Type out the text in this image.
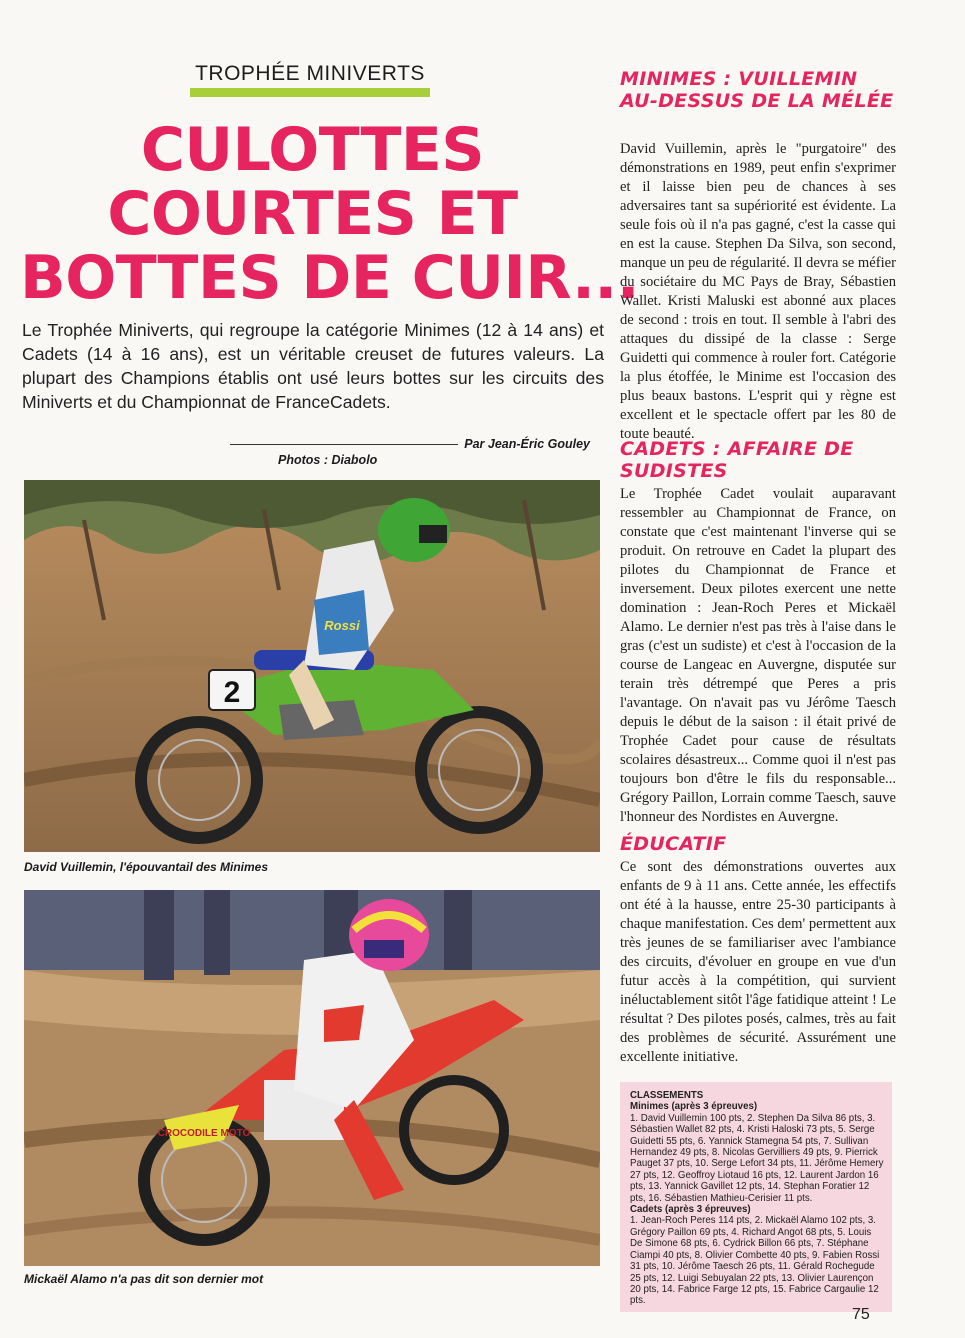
TROPHÉE MINIVERTS
CULOTTES
COURTES ET
BOTTES DE CUIR...
Le Trophée Miniverts, qui regroupe la catégorie Minimes (12 à 14 ans) et Cadets (14 à 16 ans), est un véritable creuset de futures valeurs. La plupart des Champions établis ont usé leurs bottes sur les circuits des Miniverts et du Championnat de FranceCadets.
Par Jean-Éric Gouley
Photos : Diabolo
2
Rossi
David Vuillemin, l'épouvantail des Minimes
CROCODILE MOTO
Mickaël Alamo n'a pas dit son dernier mot
MINIMES : VUILLEMIN AU-DESSUS DE LA MÉLÉE
David Vuillemin, après le "purgatoire" des démonstrations en 1989, peut enfin s'exprimer et il laisse bien peu de chances à ses adversaires tant sa supériorité est évidente. La seule fois où il n'a pas gagné, c'est la casse qui en est la cause. Stephen Da Silva, son second, manque un peu de régularité. Il devra se méfier du sociétaire du MC Pays de Bray, Sébastien Wallet. Kristi Maluski est abonné aux places de second : trois en tout. Il semble à l'abri des attaques du dissipé de la classe : Serge Guidetti qui commence à rouler fort. Catégorie la plus étoffée, le Minime est l'occasion des plus beaux bastons. L'esprit qui y règne est excellent et le spectacle offert par les 80 de toute beauté.
CADETS : AFFAIRE DE SUDISTES
Le Trophée Cadet voulait auparavant ressembler au Championnat de France, on constate que c'est maintenant l'inverse qui se produit. On retrouve en Cadet la plupart des pilotes du Championnat de France et inversement. Deux pilotes exercent une nette domination : Jean-Roch Peres et Mickaël Alamo. Le dernier n'est pas très à l'aise dans le gras (c'est un sudiste) et c'est à l'occasion de la course de Langeac en Auvergne, disputée sur terain très détrempé que Peres a pris l'avantage. On n'avait pas vu Jérôme Taesch depuis le début de la saison : il était privé de Trophée Cadet pour cause de résultats scolaires désastreux... Comme quoi il n'est pas toujours bon d'être le fils du responsable... Grégory Paillon, Lorrain comme Taesch, sauve l'honneur des Nordistes en Auvergne.
ÉDUCATIF
Ce sont des démonstrations ouvertes aux enfants de 9 à 11 ans. Cette année, les effectifs ont été à la hausse, entre 25-30 participants à chaque manifestation. Ces dem' permettent aux très jeunes de se familiariser avec l'ambiance des circuits, d'évoluer en groupe en vue d'un futur accès à la compétition, qui survient inéluctablement sitôt l'âge fatidique atteint ! Le résultat ? Des pilotes posés, calmes, très au fait des problèmes de sécurité. Assurément une excellente initiative.
CLASSEMENTS
Minimes (après 3 épreuves)
1. David Vuillemin 100 pts, 2. Stephen Da Silva 86 pts, 3. Sébastien Wallet 82 pts, 4. Kristi Haloski 73 pts, 5. Serge Guidetti 55 pts, 6. Yannick Stamegna 54 pts, 7. Sullivan Hernandez 49 pts, 8. Nicolas Gervilliers 49 pts, 9. Pierrick Pauget 37 pts, 10. Serge Lefort 34 pts, 11. Jérôme Hemery 27 pts, 12. Geoffroy Liotaud 16 pts, 12. Laurent Jardon 16 pts, 13. Yannick Gavillet 12 pts, 14. Stephan Foratier 12 pts, 16. Sébastien Mathieu-Cerisier 11 pts.
Cadets (après 3 épreuves)
1. Jean-Roch Peres 114 pts, 2. Mickaël Alamo 102 pts, 3. Grégory Paillon 69 pts, 4. Richard Angot 68 pts, 5. Louis De Simone 68 pts, 6. Cydrick Billon 66 pts, 7. Stéphane Ciampi 40 pts, 8. Olivier Combette 40 pts, 9. Fabien Rossi 31 pts, 10. Jérôme Taesch 26 pts, 11. Gérald Rochegude 25 pts, 12. Luigi Sebuyalan 22 pts, 13. Olivier Laurençon 20 pts, 14. Fabrice Farge 12 pts, 15. Fabrice Cargaulie 12 pts.
75
